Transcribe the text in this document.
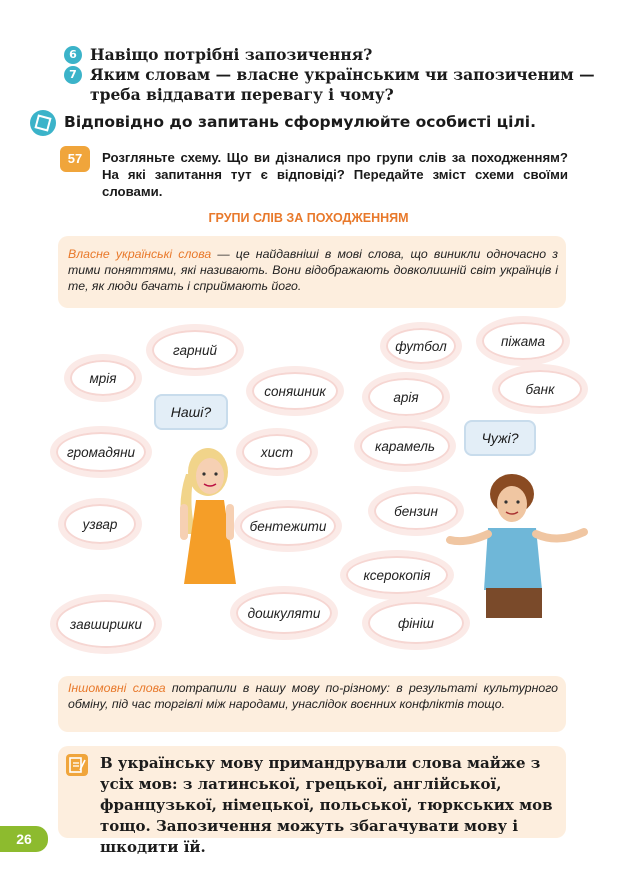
6 Навіщо потрібні запозичення?
7 Яким словам — власне українським чи запозиченим —
треба віддавати перевагу і чому?
Відповідно до запитань сформулюйте особисті цілі.
57	Розгляньте схему. Що ви дізналися про групи слів за походженням? На які запитання тут є відповіді? Передайте зміст схеми своїми словами.
ГРУПИ СЛІВ ЗА ПОХОДЖЕННЯМ
Власне українські слова — це найдавніші в мові слова, що виникли одночасно з тими поняттями, які називають. Вони відображають довколишній світ українців і те, як люди бачать і сприймають його.
гарний
мрія
соняшник
громадяни	хист
узвар	бентежити
завширшки
дошкуляти
футбол	піжама
арія
банк
карамель
бензин
ксерокопія
фініш
Наші?
Чужі?
Іншомовні слова потрапили в нашу мову по-різному: в результаті культурного обміну, під час торгівлі між народами, унаслідок воєнних конфліктів тощо.
В українську мову примандрували слова майже з усіх мов: з латинської, грецької, англійської, французької, німецької, польської, тюркських мов тощо. Запозичення можуть збагачувати мову і шкодити їй.
26
